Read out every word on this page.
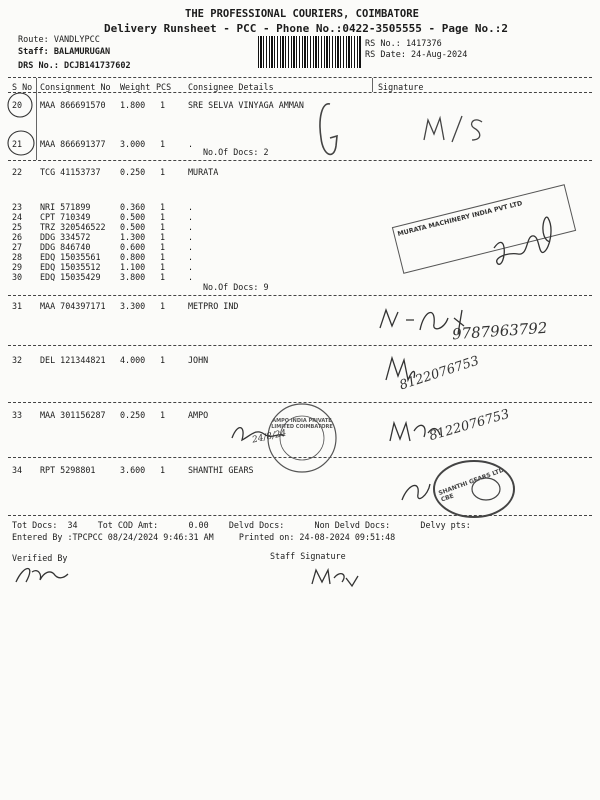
THE PROFESSIONAL COURIERS, COIMBATORE
Delivery Runsheet - PCC - Phone No.:0422-3505555 - Page No.:2
Route: VANDLYPCC
Staff: BALAMURUGAN
DRS No.: DCJB141737602
RS No.: 1417376
RS Date: 24-Aug-2024
S No Consignment No Weight PCS Consignee Details	Signature
20 MAA 866691570 1.800 1	SRE SELVA VINYAGA AMMAN
21 MAA 866691377 3.000 1	.
No.Of Docs: 2
22 TCG 41153737 0.250 1	MURATA
23 NRI 571899	0.360 1	.
24 CPT 710349	0.500 1	.
25 TRZ 320546522 0.500 1	.
26 DDG 334572	1.300 1	.
27 DDG 846740	0.600 1	.
28 EDQ 15035561 0.800 1	.
29 EDQ 15035512 1.100 1	.
30 EDQ 15035429 3.800 1	.
No.Of Docs: 9
31 MAA 704397171 3.300 1	METPRO IND
32 DEL 121344821 4.000 1	JOHN
33 MAA 301156287 0.250 1	AMPO
34 RPT 5298801	3.600 1	SHANTHI GEARS
MURATA MACHINERY INDIA PVT LTD
9787963792
8122076753
AMPO INDIA PRIVATE LIMITED COIMBATORE
24/8/24	8122076753
SHANTHI GEARS LTD CBE
Tot Docs:  34    Tot COD Amt:      0.00    Delvd Docs:      Non Delvd Docs:      Delvy pts:
Entered By :TPCPCC 08/24/2024 9:46:31 AM     Printed on: 24-08-2024 09:51:48
Verified By	Staff Signature
